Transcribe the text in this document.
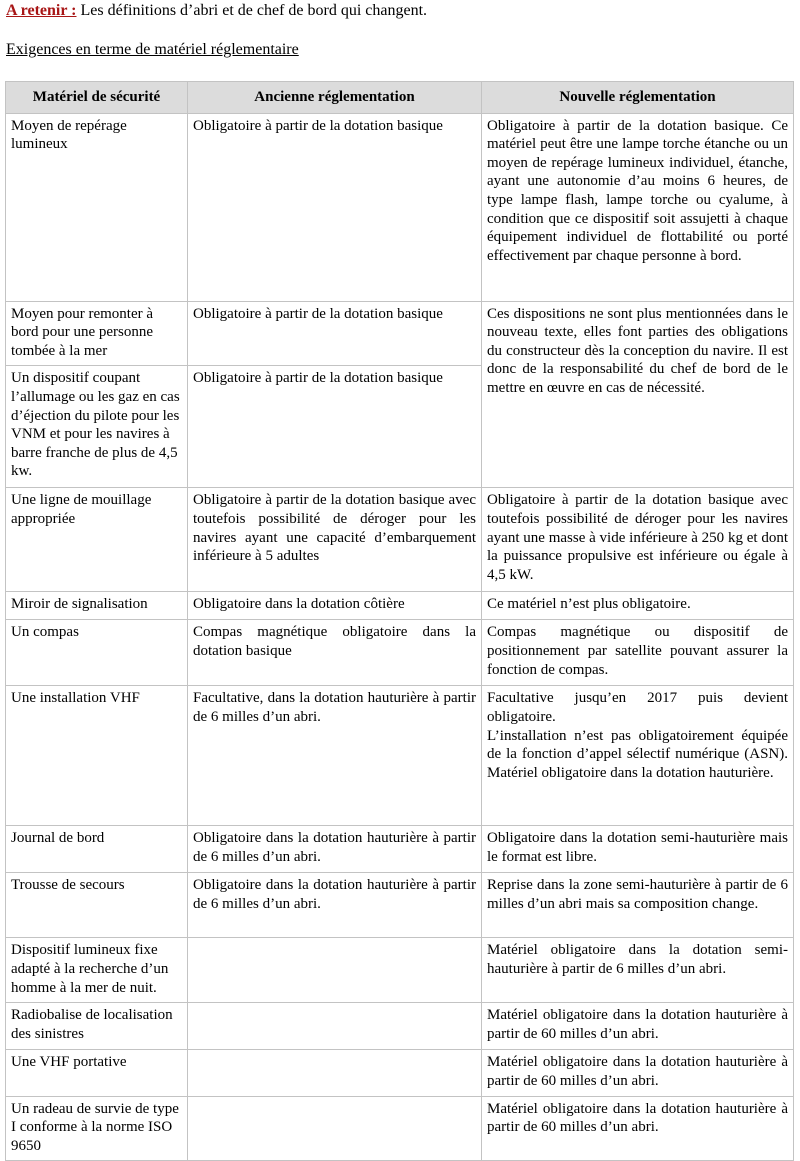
A retenir : Les définitions d’abri et de chef de bord qui changent.
Exigences en terme de matériel réglementaire
Matériel de sécurité	Ancienne réglementation	Nouvelle réglementation
Moyen de repérage lumineux	Obligatoire à partir de la dotation basique	Obligatoire à partir de la dotation basique. Ce matériel peut être une lampe torche étanche ou un moyen de repérage lumineux individuel, étanche, ayant une autonomie d’au moins 6 heures, de type lampe flash, lampe torche ou cyalume, à condition que ce dispositif soit assujetti à chaque équipement individuel de flottabilité ou porté effectivement par chaque personne à bord.
Moyen pour remonter à bord pour une personne tombée à la mer	Obligatoire à partir de la dotation basique	Ces dispositions ne sont plus mentionnées dans le nouveau texte, elles font parties des obligations du constructeur dès la conception du navire. Il est donc de la responsabilité du chef de bord de le mettre en œuvre en cas de nécessité.
Un dispositif coupant l’allumage ou les gaz en cas d’éjection du pilote pour les VNM et pour les navires à barre franche de plus de 4,5 kw.	Obligatoire à partir de la dotation basique	
Une ligne de mouillage appropriée	Obligatoire à partir de la dotation basique avec toutefois possibilité de déroger pour les navires ayant une capacité d’embarquement inférieure à 5 adultes	Obligatoire à partir de la dotation basique avec toutefois possibilité de déroger pour les navires ayant une masse à vide inférieure à 250 kg et dont la puissance propulsive est inférieure ou égale à 4,5 kW.
Miroir de signalisation	Obligatoire dans la dotation côtière	Ce matériel n’est plus obligatoire.
Un compas	Compas magnétique obligatoire dans la dotation basique	Compas magnétique ou dispositif de positionnement par satellite pouvant assurer la fonction de compas.
Une installation VHF	Facultative, dans la dotation hauturière à partir de 6 milles d’un abri.	Facultative jusqu’en 2017 puis devient obligatoire.
L’installation n’est pas obligatoirement équipée de la fonction d’appel sélectif numérique (ASN).
Matériel obligatoire dans la dotation hauturière.

Journal de bord	Obligatoire dans la dotation hauturière à partir de 6 milles d’un abri.	Obligatoire dans la dotation semi-hauturière mais le format est libre.
Trousse de secours	Obligatoire dans la dotation hauturière à partir de 6 milles d’un abri.	Reprise dans la zone semi-hauturière à partir de 6 milles d’un abri mais sa composition change.
Dispositif lumineux fixe adapté à la recherche d’un homme à la mer de nuit.		Matériel obligatoire dans la dotation semi-hauturière à partir de 6 milles d’un abri.
Radiobalise de localisation des sinistres		Matériel obligatoire dans la dotation hauturière à partir de 60 milles d’un abri.
Une VHF portative		Matériel obligatoire dans la dotation hauturière à partir de 60 milles d’un abri.
Un radeau de survie de type I conforme à la norme ISO 9650		Matériel obligatoire dans la dotation hauturière à partir de 60 milles d’un abri.
